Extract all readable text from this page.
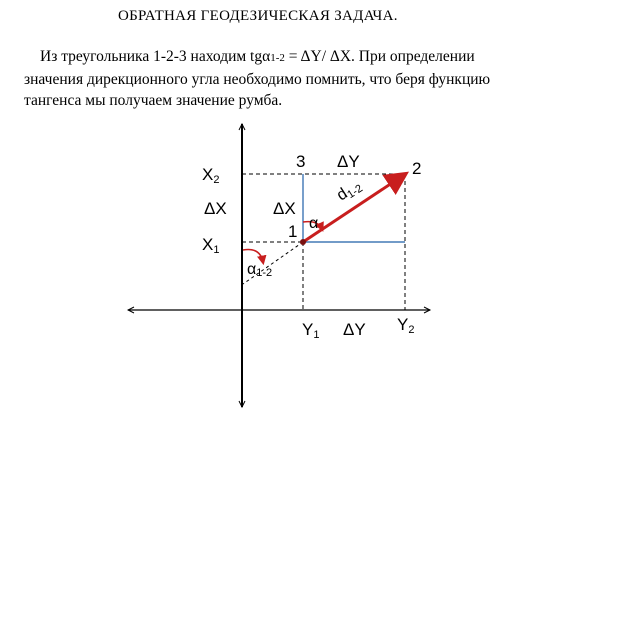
ОБРАТНАЯ ГЕОДЕЗИЧЕСКАЯ ЗАДАЧА.
Из треугольника 1-2-3 находим tgα1-2 = ΔY/ ΔX. При определении
значения дирекционного угла необходимо помнить, что беря функцию
тангенса мы получаем значение румба.
X2
ΔX
X1
3 ΔY	2
ΔX
1 α
d1-2
α1-2
Y1 ΔY Y2
